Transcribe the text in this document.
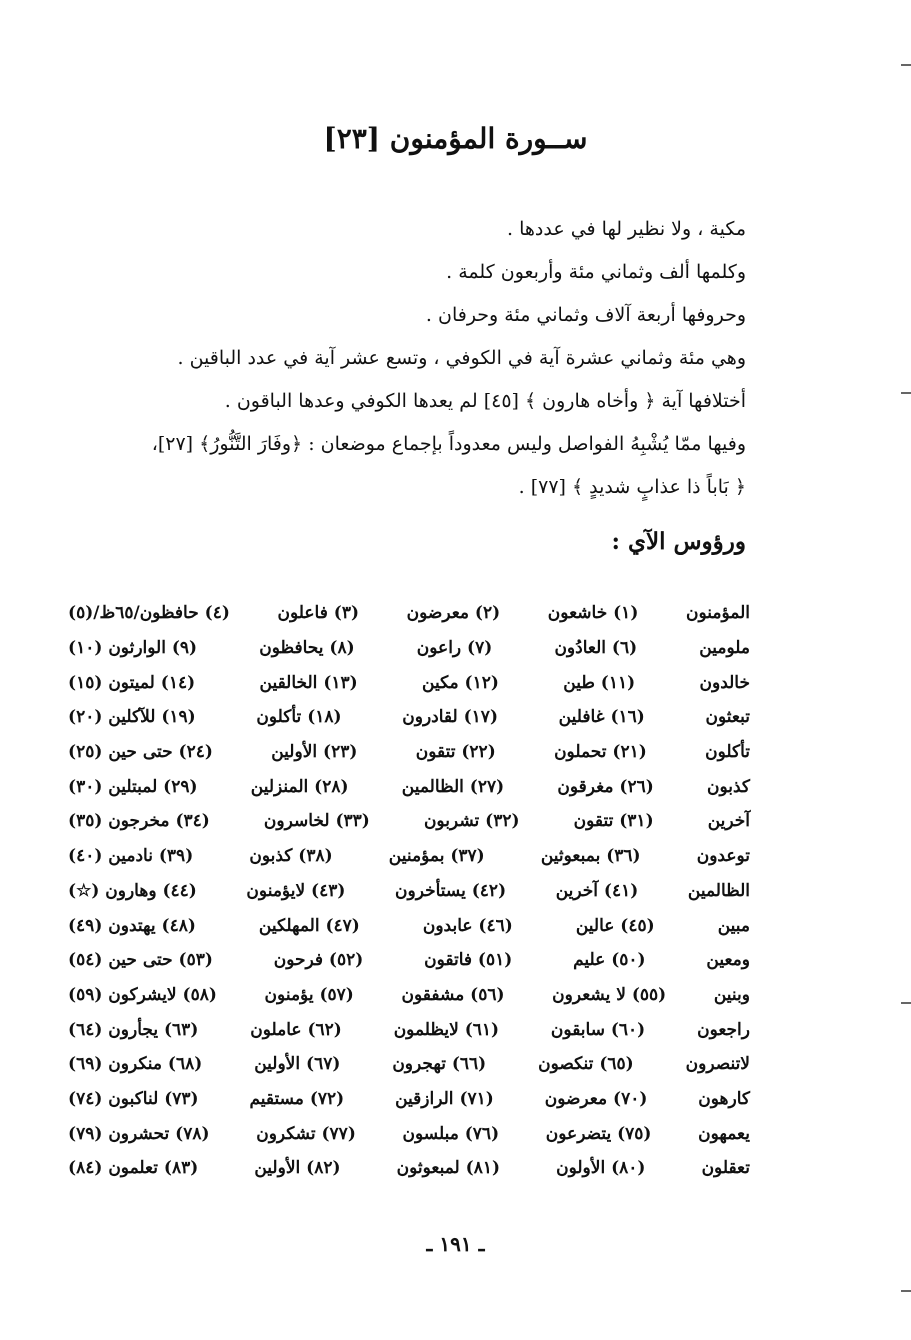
ســورة المؤمنون [٢٣]
مكية ، ولا نظير لها في عددها .
وكلمها ألف وثماني مئة وأربعون كلمة .
وحروفها أربعة آلاف وثماني مئة وحرفان .
وهي مئة وثماني عشرة آية في الكوفي ، وتسع عشر آية في عدد الباقين .
أختلافها آية ﴿ وأخاه هارون ﴾ [٤٥] لم يعدها الكوفي وعدها الباقون .
وفيها ممّا يُشْبِهُ الفواصل وليس معدوداً بإجماع موضعان : ﴿وفَارَ التَّنُّورُ﴾ [٢٧]،
﴿ بَاباً ذا عذابٍ شديدٍ ﴾ [٧٧] .
ورؤوس الآي :
المؤمنون
(١) خاشعون
(٢) معرضون
(٣) فاعلون
(٤) حافظون/٦٥ظ/(٥)
ملومين
(٦) العادُون
(٧) راعون
(٨) يحافظون
(٩) الوارثون (١٠)
خالدون
(١١) طين
(١٢) مكين
(١٣) الخالقين
(١٤) لميتون (١٥)
تبعثون
(١٦) غافلين
(١٧) لقادرون
(١٨) تأكلون
(١٩) للآكلين (٢٠)
تأكلون
(٢١) تحملون
(٢٢) تتقون
(٢٣) الأولين
(٢٤) حتى حين (٢٥)
كذبون
(٢٦) مغرقون
(٢٧) الظالمين
(٢٨) المنزلين
(٢٩) لمبتلين (٣٠)
آخرين
(٣١) تتقون
(٣٢) تشربون
(٣٣) لخاسرون
(٣٤) مخرجون (٣٥)
توعدون
(٣٦) بمبعوثين
(٣٧) بمؤمنين
(٣٨) كذبون
(٣٩) نادمين (٤٠)
الظالمين
(٤١) آخرين
(٤٢) يستأخرون
(٤٣) لايؤمنون
(٤٤) وهارون (☆)
مبين
(٤٥) عالين
(٤٦) عابدون
(٤٧) المهلكين
(٤٨) يهتدون (٤٩)
ومعين
(٥٠) عليم
(٥١) فاتقون
(٥٢) فرحون
(٥٣) حتى حين (٥٤)
وبنين
(٥٥) لا يشعرون
(٥٦) مشفقون
(٥٧) يؤمنون
(٥٨) لايشركون (٥٩)
راجعون
(٦٠) سابقون
(٦١) لايظلمون
(٦٢) عاملون
(٦٣) يجأرون (٦٤)
لاتنصرون
(٦٥) تنكصون
(٦٦) تهجرون
(٦٧) الأولين
(٦٨) منكرون (٦٩)
كارهون
(٧٠) معرضون
(٧١) الرازقين
(٧٢) مستقيم
(٧٣) لناكبون (٧٤)
يعمهون
(٧٥) يتضرعون
(٧٦) مبلسون
(٧٧) تشكرون
(٧٨) تحشرون (٧٩)
تعقلون
(٨٠) الأولون
(٨١) لمبعوثون
(٨٢) الأولين
(٨٣) تعلمون (٨٤)
ـ ١٩١ ـ
